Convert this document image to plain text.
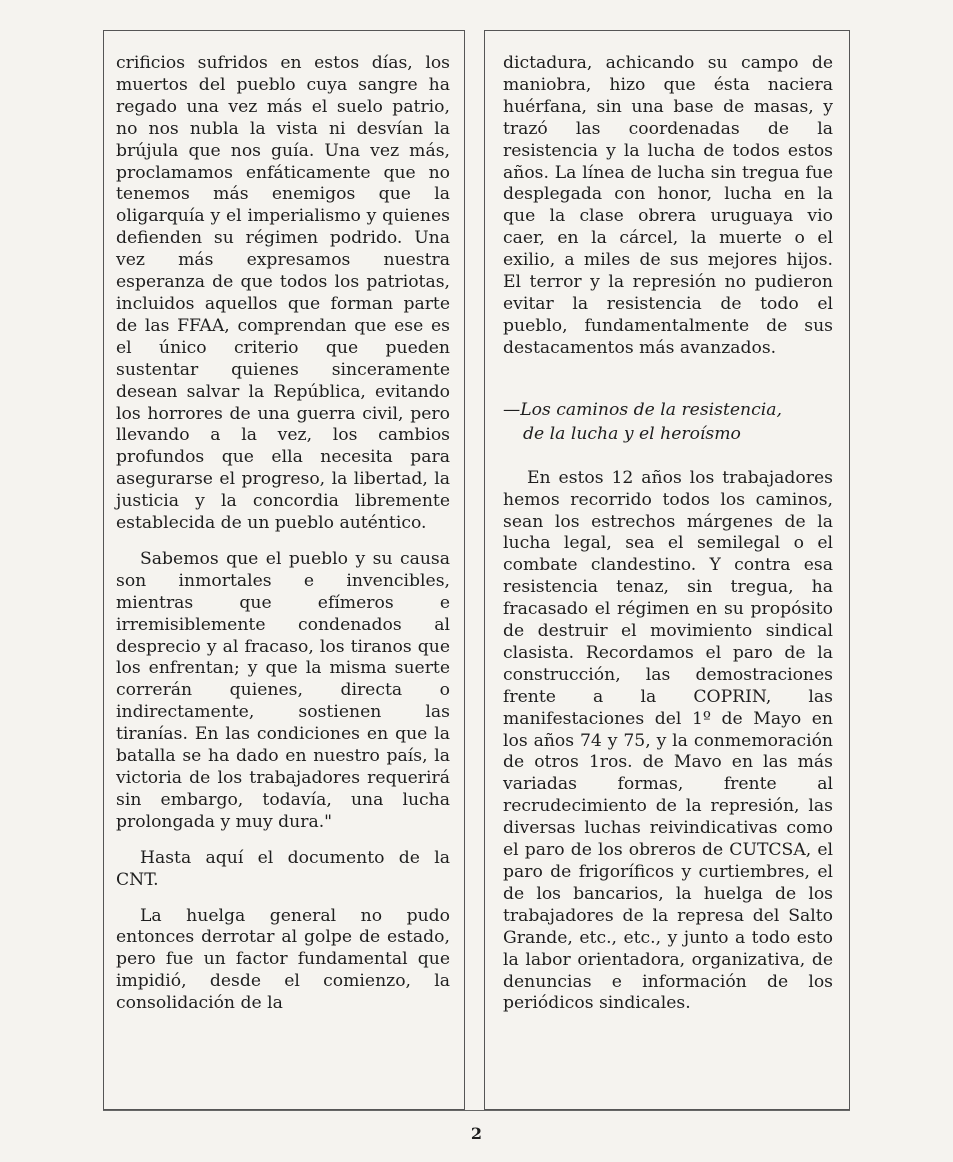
crificios sufridos en estos días, los muertos del pueblo cuya sangre ha regado una vez más el suelo patrio, no nos nubla la vista ni desvían la brújula que nos guía. Una vez más, proclamamos enfáticamente que no tenemos más enemigos que la oligarquía y el imperialismo y quienes defienden su régimen podrido. Una vez más expresamos nuestra esperanza de que todos los patriotas, incluidos aquellos que forman parte de las FFAA, comprendan que ese es el único criterio que pueden sustentar quienes sinceramente desean salvar la República, evitando los horrores de una guerra civil, pero llevando a la vez, los cambios profundos que ella necesita para asegurarse el progreso, la libertad, la justicia y la concordia libremente establecida de un pueblo auténtico.

Sabemos que el pueblo y su causa son inmortales e invencibles, mientras que efímeros e irremisiblemente condenados al desprecio y al fracaso, los tiranos que los enfrentan; y que la misma suerte correrán quienes, directa o indirectamente, sostienen las tiranías. En las condiciones en que la batalla se ha dado en nuestro país, la victoria de los trabajadores requerirá sin embargo, todavía, una lucha prolongada y muy dura."

Hasta aquí el documento de la CNT.

La huelga general no pudo entonces derrotar al golpe de estado, pero fue un factor fundamental que impidió, desde el comienzo, la consolidación de la

dictadura, achicando su campo de maniobra, hizo que ésta naciera huérfana, sin una base de masas, y trazó las coordenadas de la resistencia y la lucha de todos estos años. La línea de lucha sin tregua fue desplegada con honor, lucha en la que la clase obrera uruguaya vio caer, en la cárcel, la muerte o el exilio, a miles de sus mejores hijos. El terror y la represión no pudieron evitar la resistencia de todo el pueblo, fundamentalmente de sus destacamentos más avanzados.

—Los caminos de la resistencia,
de la lucha y el heroísmo

En estos 12 años los trabajadores hemos recorrido todos los caminos, sean los estrechos márgenes de la lucha legal, sea el semilegal o el combate clandestino. Y contra esa resistencia tenaz, sin tregua, ha fracasado el régimen en su propósito de destruir el movimiento sindical clasista. Recordamos el paro de la construcción, las demostraciones frente a la COPRIN, las manifestaciones del 1º de Mayo en los años 74 y 75, y la conmemoración de otros 1ros. de Mavo en las más variadas formas, frente al recrudecimiento de la represión, las diversas luchas reivindicativas como el paro de los obreros de CUTCSA, el paro de frigoríficos y curtiembres, el de los bancarios, la huelga de los trabajadores de la represa del Salto Grande, etc., etc., y junto a todo esto la labor orientadora, organizativa, de denuncias e información de los periódicos sindicales.

2
